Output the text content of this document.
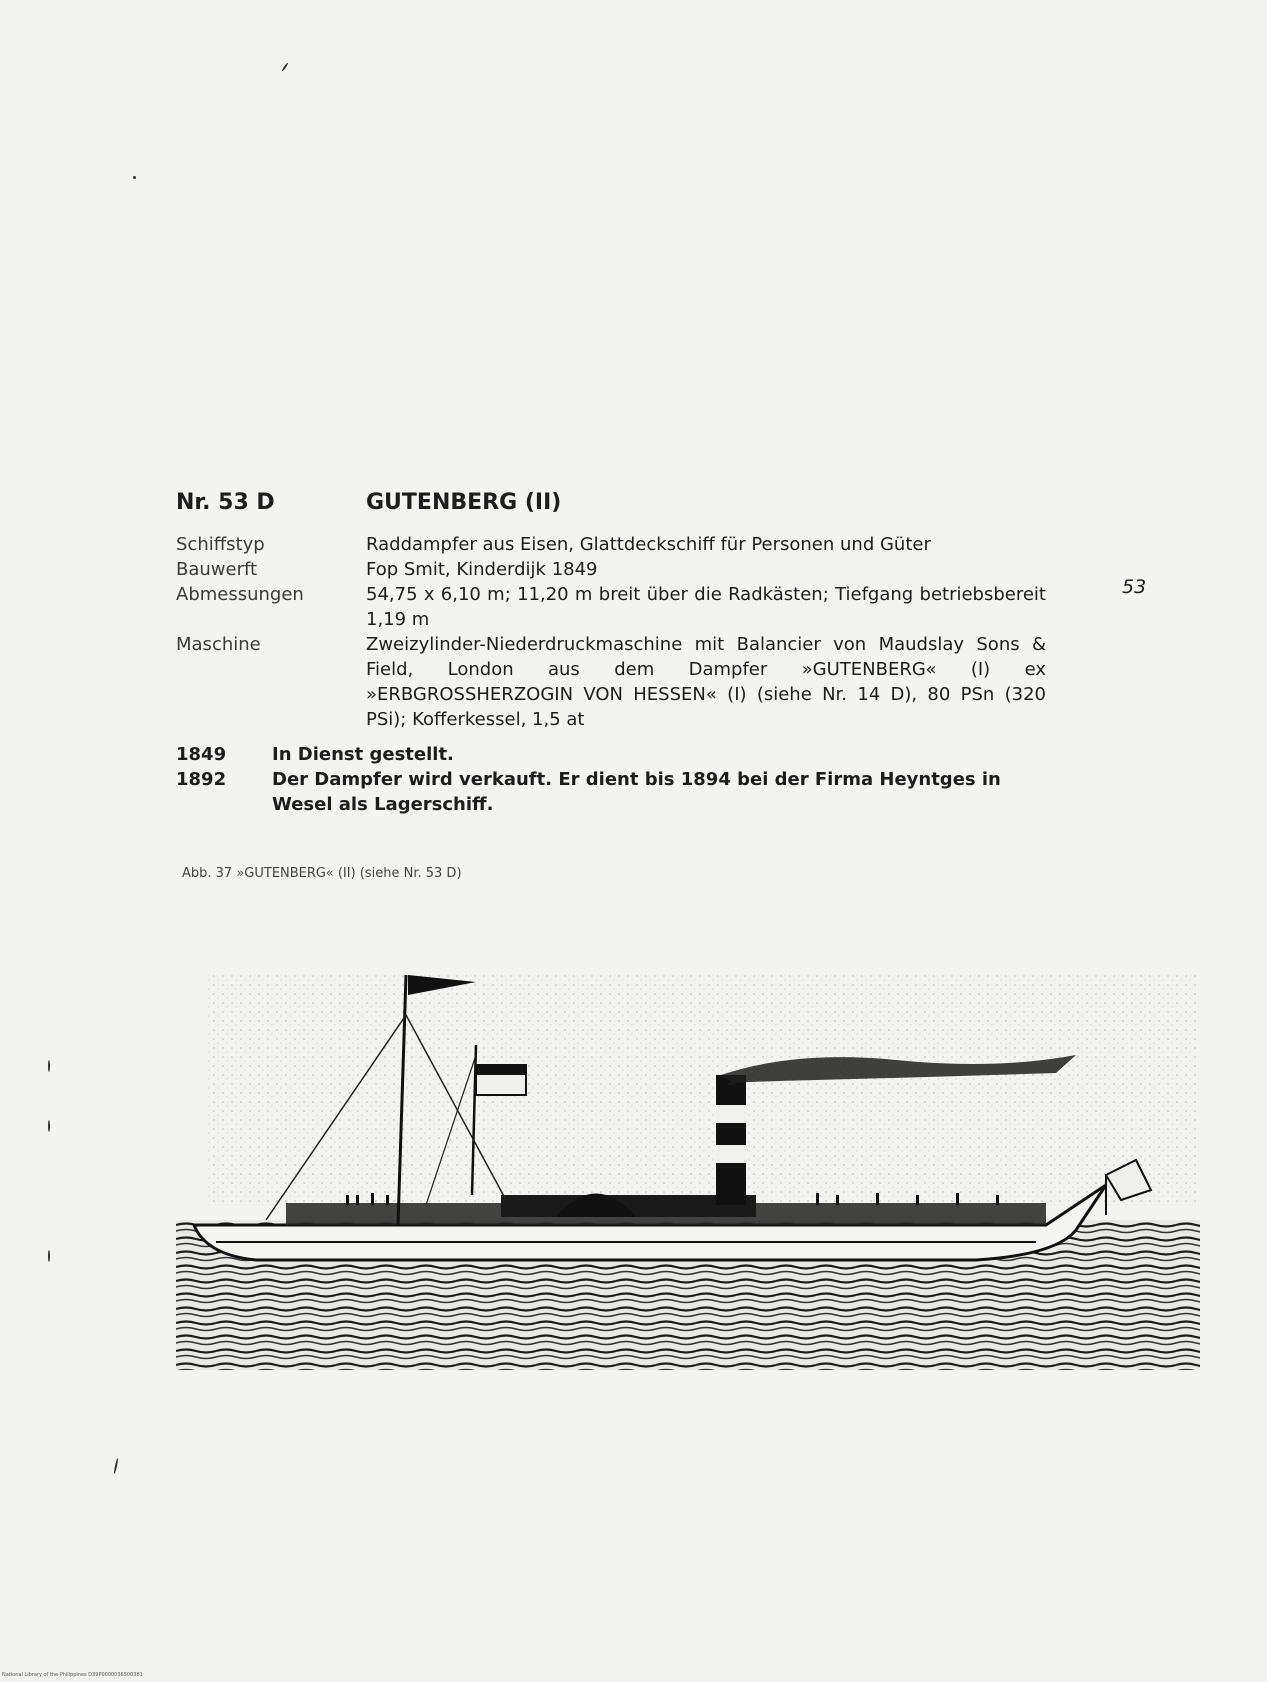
Nr. 53 D	GUTENBERG (II)
Schiffstyp	Raddampfer aus Eisen, Glattdeckschiff für Personen und Güter
Bauwerft	Fop Smit, Kinderdijk 1849
Abmessungen	54,75 x 6,10 m; 11,20 m breit über die Radkästen; Tiefgang betriebsbereit 1,19 m
Maschine	Zweizylinder-Niederdruckmaschine mit Balancier von Maudslay Sons & Field, London aus dem Dampfer »GUTENBERG« (I) ex »ERBGROSSHERZOGIN VON HESSEN« (I) (siehe Nr. 14 D), 80 PSn (320 PSi); Kofferkessel, 1,5 at
1849	In Dienst gestellt.
1892	Der Dampfer wird verkauft. Er dient bis 1894 bei der Firma Heyntges in Wesel als Lagerschiff.
53
Abb. 37 »GUTENBERG« (II) (siehe Nr. 53 D)
National Library of the Philippines D39P0000036500381
